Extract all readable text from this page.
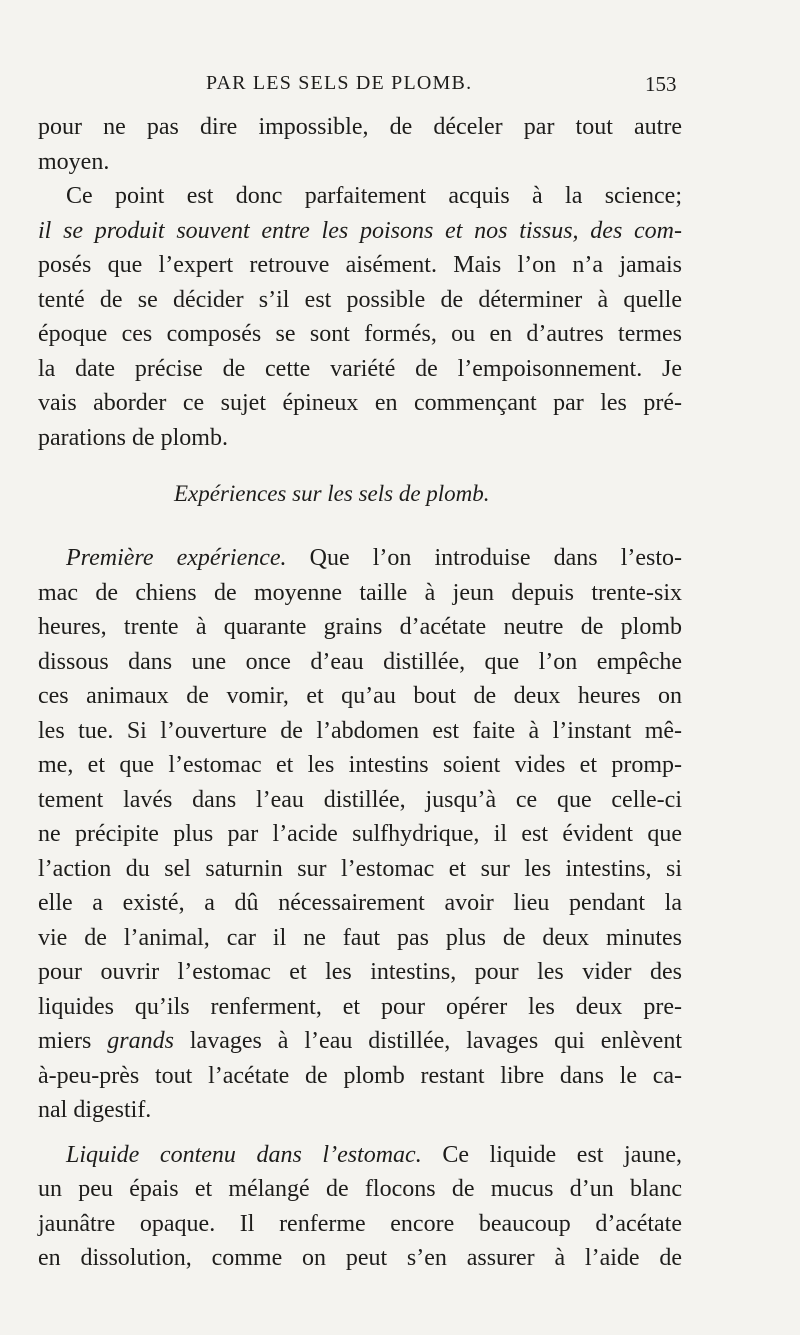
PAR LES SELS DE PLOMB.	153

pour ne pas dire impossible, de déceler par tout autre
moyen.

Ce point est donc parfaitement acquis à la science;
il se produit souvent entre les poisons et nos tissus, des com-
posés que l’expert retrouve aisément. Mais l’on n’a jamais
tenté de se décider s’il est possible de déterminer à quelle
époque ces composés se sont formés, ou en d’autres termes
la date précise de cette variété de l’empoisonnement. Je
vais aborder ce sujet épineux en commençant par les pré-
parations de plomb.

Expériences sur les sels de plomb.

Première expérience. Que l’on introduise dans l’esto-
mac de chiens de moyenne taille à jeun depuis trente-six
heures, trente à quarante grains d’acétate neutre de plomb
dissous dans une once d’eau distillée, que l’on empêche
ces animaux de vomir, et qu’au bout de deux heures on
les tue. Si l’ouverture de l’abdomen est faite à l’instant mê-
me, et que l’estomac et les intestins soient vides et promp-
tement lavés dans l’eau distillée, jusqu’à ce que celle-ci
ne précipite plus par l’acide sulfhydrique, il est évident que
l’action du sel saturnin sur l’estomac et sur les intestins, si
elle a existé, a dû nécessairement avoir lieu pendant la
vie de l’animal, car il ne faut pas plus de deux minutes
pour ouvrir l’estomac et les intestins, pour les vider des
liquides qu’ils renferment, et pour opérer les deux pre-
miers grands lavages à l’eau distillée, lavages qui enlèvent
à-peu-près tout l’acétate de plomb restant libre dans le ca-
nal digestif.

Liquide contenu dans l’estomac. Ce liquide est jaune,
un peu épais et mélangé de flocons de mucus d’un blanc
jaunâtre opaque. Il renferme encore beaucoup d’acétate
en dissolution, comme on peut s’en assurer à l’aide de
